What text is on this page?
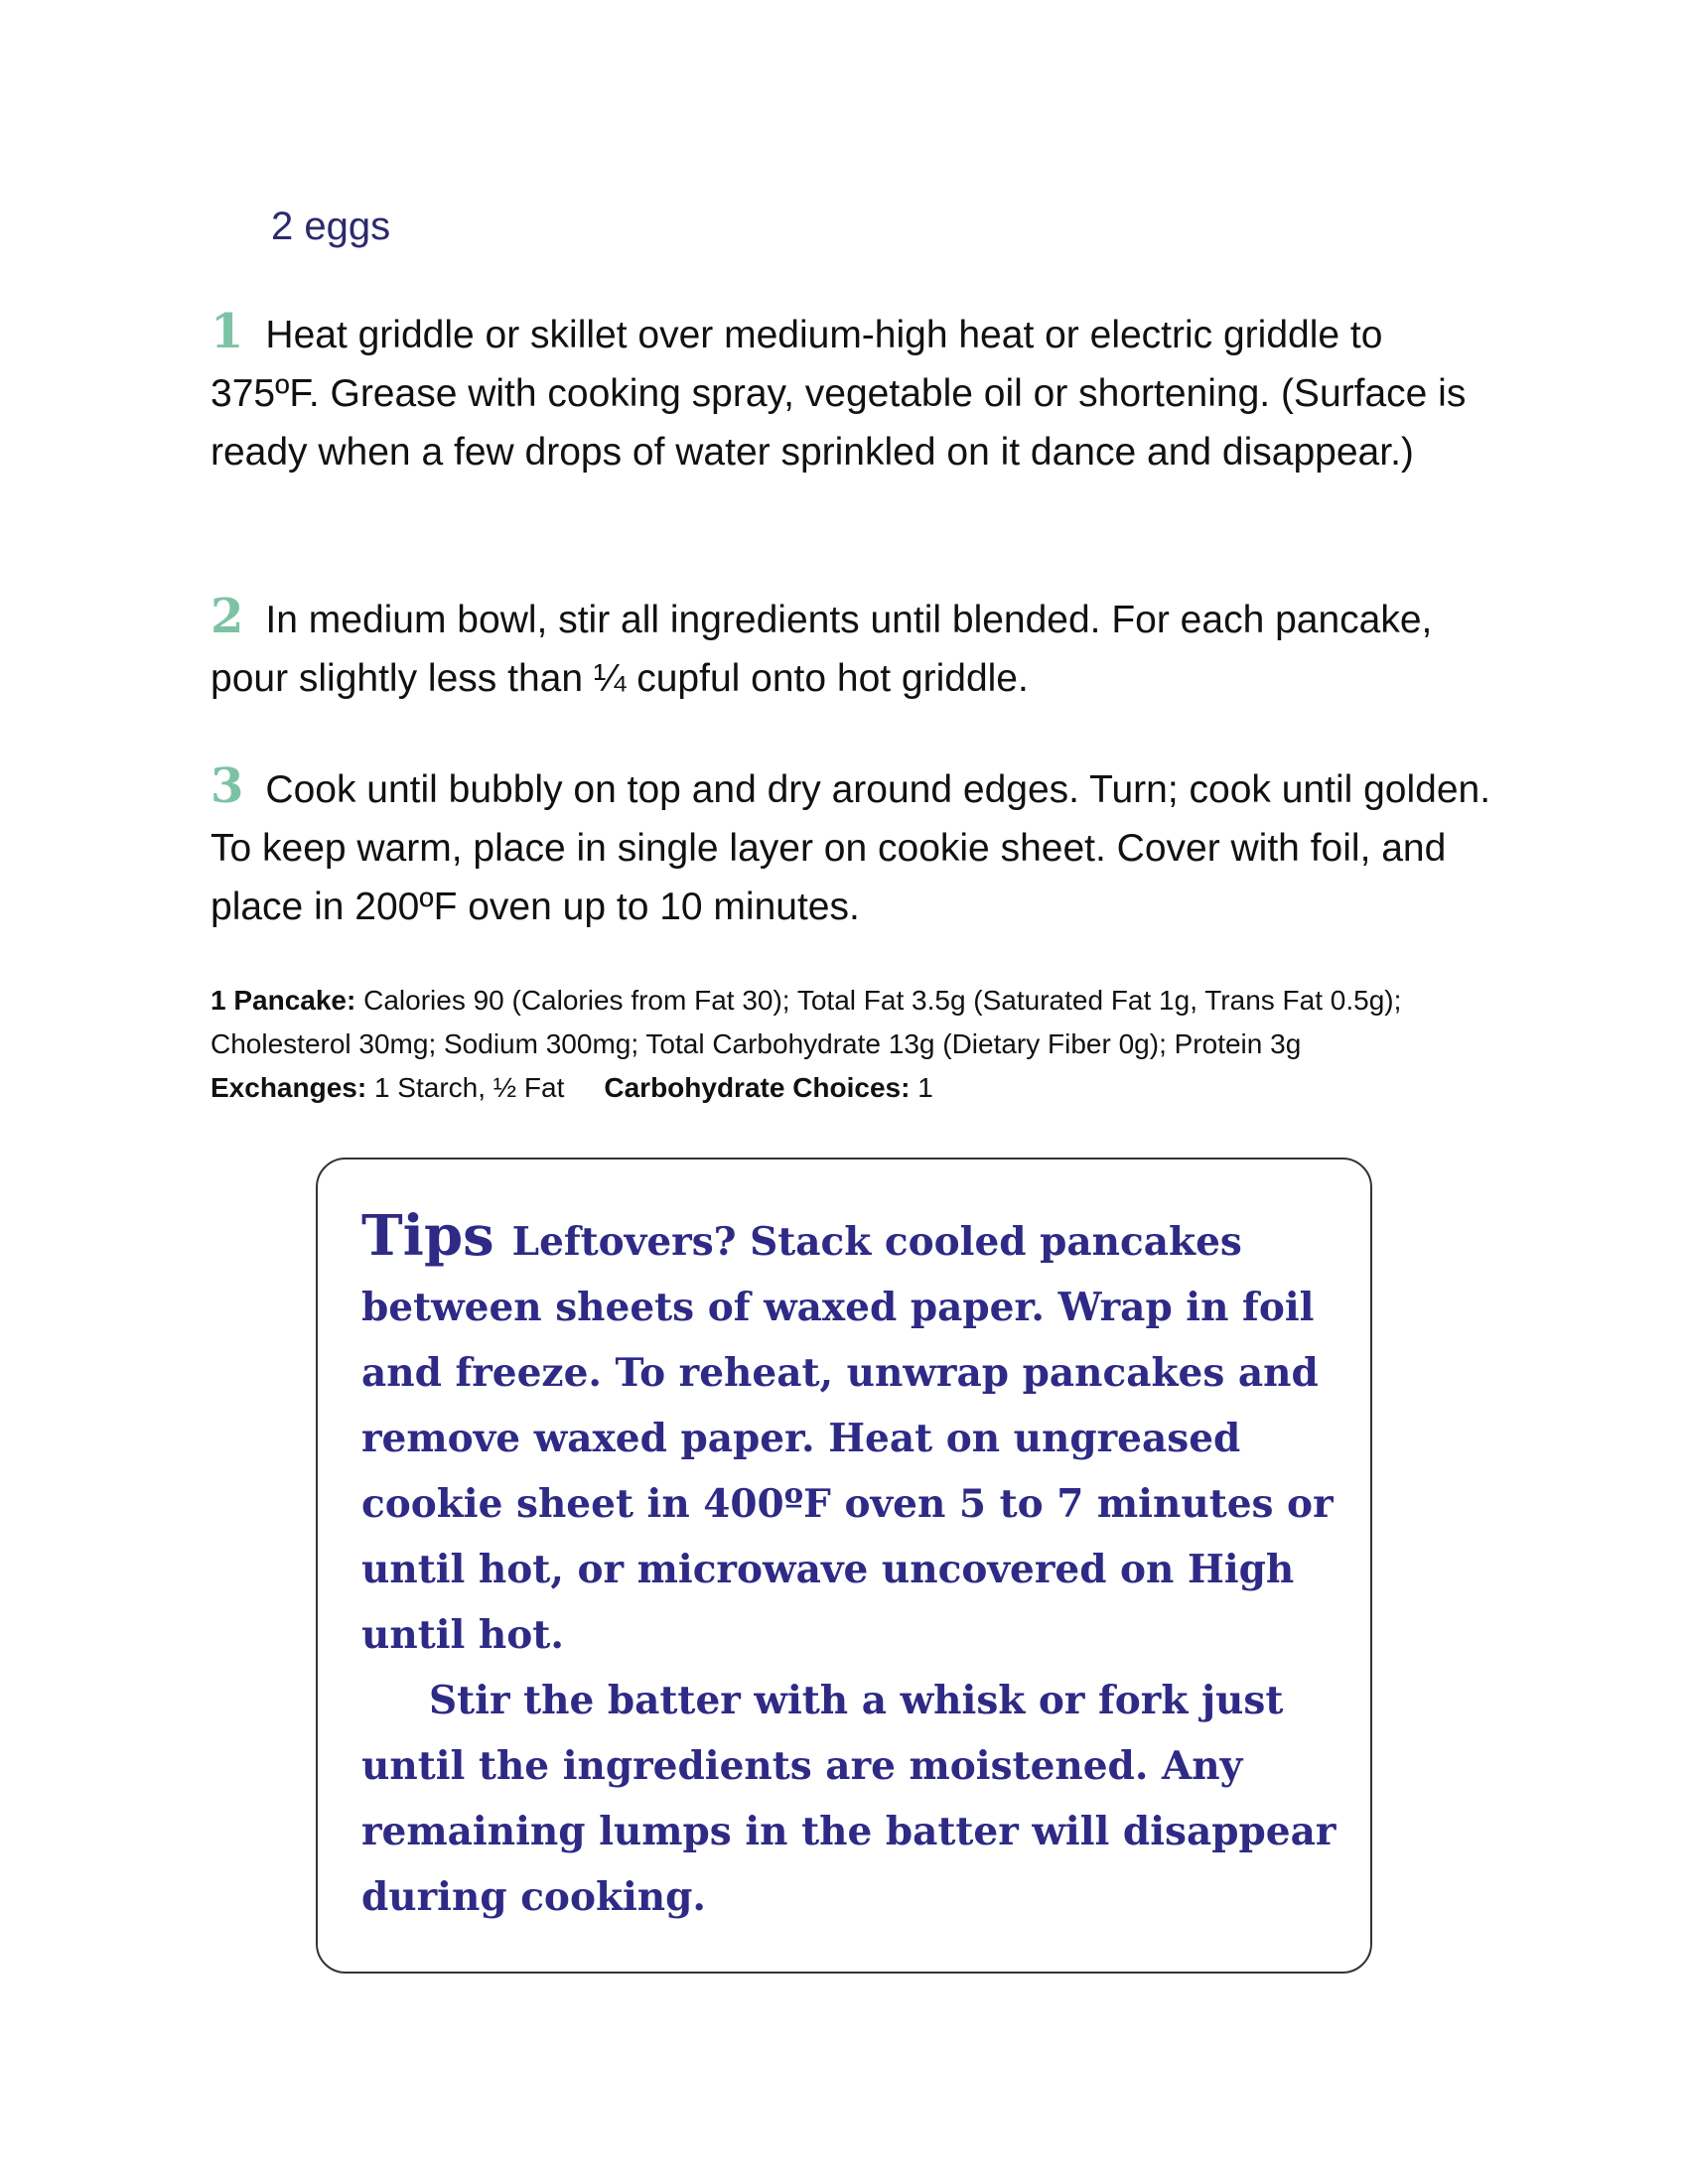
2 eggs
1 Heat griddle or skillet over medium-high heat or electric griddle to 375ºF. Grease with cooking spray, vegetable oil or shortening. (Surface is ready when a few drops of water sprinkled on it dance and disappear.)
2 In medium bowl, stir all ingredients until blended. For each pancake, pour slightly less than ¼ cupful onto hot griddle.
3 Cook until bubbly on top and dry around edges. Turn; cook until golden. To keep warm, place in single layer on cookie sheet. Cover with foil, and place in 200ºF oven up to 10 minutes.
1 Pancake: Calories 90 (Calories from Fat 30); Total Fat 3.5g (Saturated Fat 1g, Trans Fat 0.5g); Cholesterol 30mg; Sodium 300mg; Total Carbohydrate 13g (Dietary Fiber 0g); Protein 3gExchanges: 1 Starch, ½ Fat Carbohydrate Choices: 1

Tips Leftovers? Stack cooled pancakes between sheets of waxed paper. Wrap in foil and freeze. To reheat, unwrap pancakes and remove waxed paper. Heat on ungreased cookie sheet in 400ºF oven 5 to 7 minutes or until hot, or microwave uncovered on High until hot.

Stir the batter with a whisk or fork just until the ingredients are moistened. Any remaining lumps in the batter will disappear during cooking.
